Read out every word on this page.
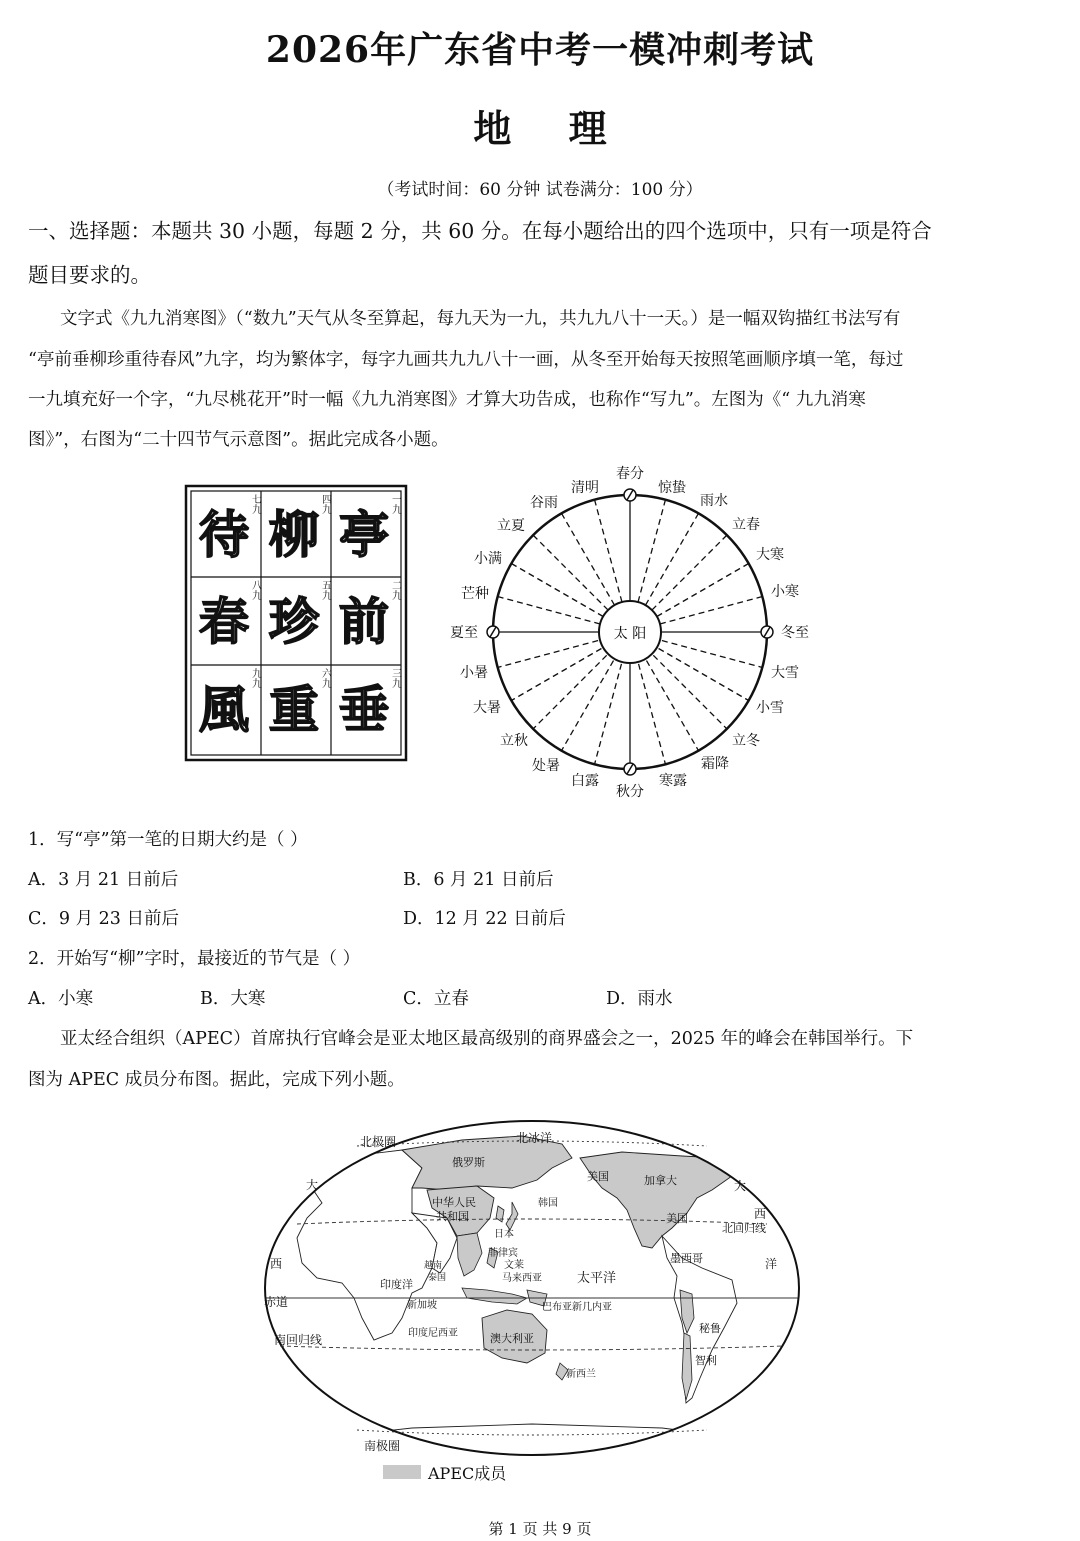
2026年广东省中考一模冲刺考试
地 理
（考试时间：60 分钟 试卷满分：100 分）
一、选择题：本题共 30 小题，每题 2 分，共 60 分。在每小题给出的四个选项中，只有一项是符合
题目要求的。
文字式《九九消寒图》（“数九”天气从冬至算起，每九天为一九，共九九八十一天。）是一幅双钩描红书法写有
“亭前垂柳珍重待春风”九字，均为繁体字，每字九画共九九八十一画，从冬至开始每天按照笔画顺序填一笔，每过
一九填充好一个字，“九尽桃花开”时一幅《九九消寒图》才算大功告成，也称作“写九”。左图为《“ 九九消寒
图》”，右图为“二十四节气示意图”。据此完成各小题。
待 柳 亭
春 珍 前
風 重 垂
七九	四九	一九
八九	五九	二九
九九	六九	三九
太 阳
春分
清明	惊蛰
谷雨	雨水
立夏	立春
小满	大寒
芒种	小寒
夏至	冬至
小暑	大雪
大暑	小雪
立秋	立冬
处暑	霜降
白露	寒露
秋分
1．写“亭”第一笔的日期大约是（ ）
A．3 月 21 日前后	B．6 月 21 日前后
C．9 月 23 日前后	D．12 月 22 日前后
2．开始写“柳”字时，最接近的节气是（ ）
A．小寒	B．大寒	C．立春	D．雨水
亚太经合组织（APEC）首席执行官峰会是亚太地区最高级别的商界盛会之一，2025 年的峰会在韩国举行。下
图为 APEC 成员分布图。据此，完成下列小题。
北极圈	北冰洋
大	大
西
西	洋
俄罗斯
美国	加拿大
美国
中华人民
共和国
韩国
日本	北回归线
菲律宾
越南	文莱
泰国	马来西亚
印度洋	太平洋
墨西哥
赤道	新加坡	巴布亚新几内亚
印度尼西亚	秘鲁
南回归线	澳大利亚
智利
新西兰
南极圈
APEC成员
第 1 页 共 9 页
